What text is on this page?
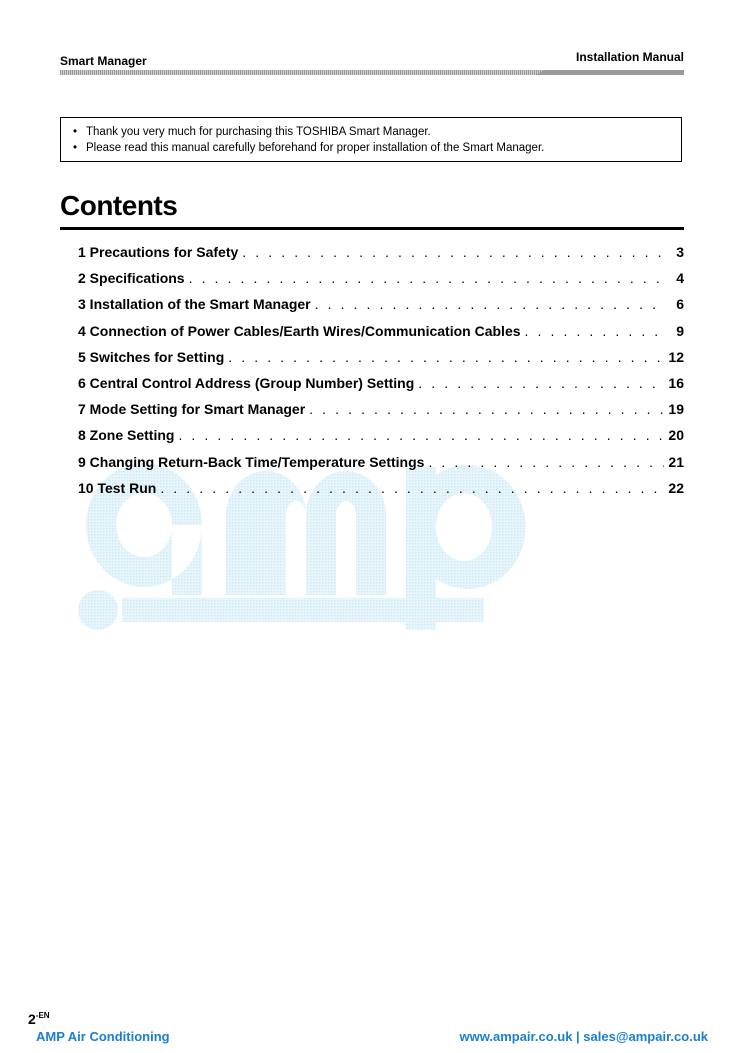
Smart Manager	Installation Manual
• Thank you very much for purchasing this TOSHIBA Smart Manager.
• Please read this manual carefully beforehand for proper installation of the Smart Manager.
Contents
1 Precautions for Safety . . .	3
2 Specifications . . .	4
3 Installation of the Smart Manager . . .	6
4 Connection of Power Cables/Earth Wires/Communication Cables . . .	9
5 Switches for Setting . . .	12
6 Central Control Address (Group Number) Setting . . .	16
7 Mode Setting for Smart Manager . . .	19
8 Zone Setting . . .	20
9 Changing Return-Back Time/Temperature Settings . . .	21
10 Test Run . . .	22
$2^{-EN}$
AMP Air Conditioning	www.ampair.co.uk | sales@ampair.co.uk
